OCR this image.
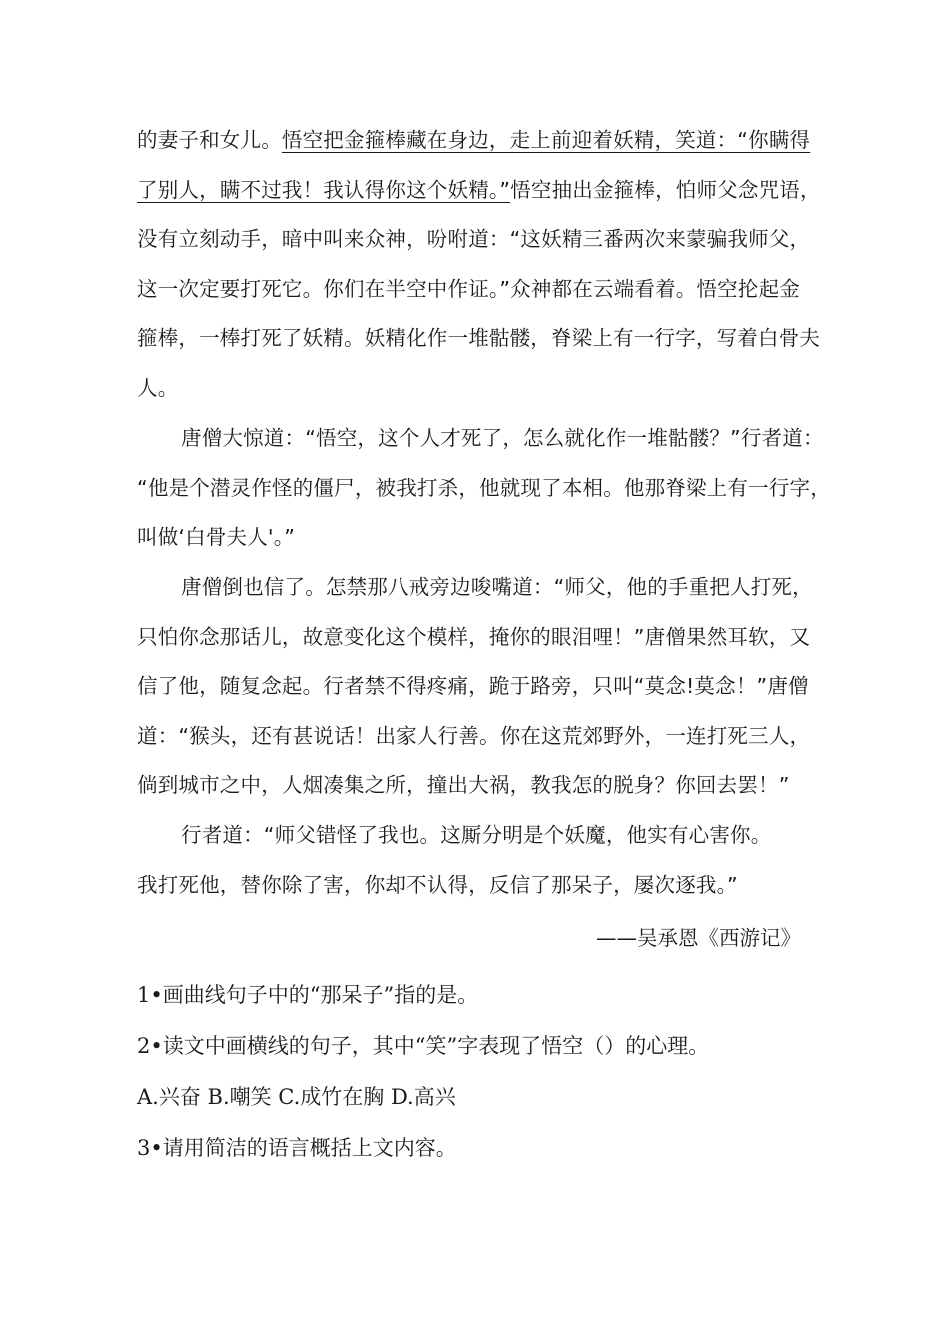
的妻子和女儿。悟空把金箍棒藏在身边，走上前迎着妖精，笑道：“你瞒得
了别人，瞒不过我！我认得你这个妖精。”悟空抽出金箍棒，怕师父念咒语，
没有立刻动手，暗中叫来众神，吩咐道：“这妖精三番两次来蒙骗我师父，
这一次定要打死它。你们在半空中作证。”众神都在云端看着。悟空抡起金
箍棒，一棒打死了妖精。妖精化作一堆骷髅，脊梁上有一行字，写着白骨夫
人。
唐僧大惊道：“悟空，这个人才死了，怎么就化作一堆骷髅？”行者道：
“他是个潜灵作怪的僵尸，被我打杀，他就现了本相。他那脊梁上有一行字，
叫做‘白骨夫人'。”
唐僧倒也信了。怎禁那八戒旁边唆嘴道：“师父，他的手重把人打死，
只怕你念那话儿，故意变化这个模样，掩你的眼泪哩！”唐僧果然耳软，又
信了他，随复念起。行者禁不得疼痛，跪于路旁，只叫“莫念!莫念！”唐僧
道：“猴头，还有甚说话！出家人行善。你在这荒郊野外，一连打死三人，
倘到城市之中，人烟凑集之所，撞出大祸，教我怎的脱身？你回去罢！”
行者道：“师父错怪了我也。这厮分明是个妖魔，他实有心害你。
我打死他，替你除了害，你却不认得，反信了那呆子，屡次逐我。”
——吴承恩《西游记》
1•画曲线句子中的“那呆子”指的是。
2•读文中画横线的句子，其中“笑”字表现了悟空（）的心理。
A.兴奋 B.嘲笑 C.成竹在胸 D.高兴
3•请用简洁的语言概括上文内容。
